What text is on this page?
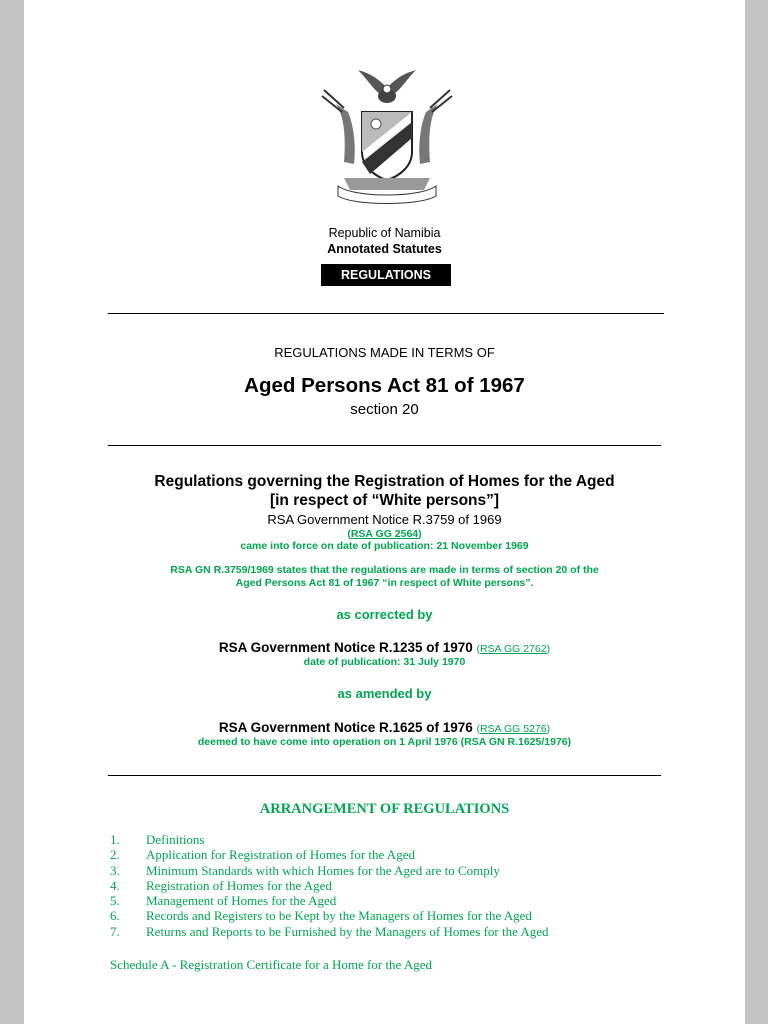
Republic of Namibia
Annotated Statutes
REGULATIONS
REGULATIONS MADE IN TERMS OF
Aged Persons Act 81 of 1967
section 20
Regulations governing the Registration of Homes for the Aged
[in respect of “White persons”]
RSA Government Notice R.3759 of 1969
(RSA GG 2564)
came into force on date of publication: 21 November 1969
RSA GN R.3759/1969 states that the regulations are made in terms of section 20 of the
Aged Persons Act 81 of 1967 “in respect of White persons”.
as corrected by
RSA Government Notice R.1235 of 1970 (RSA GG 2762)
date of publication: 31 July 1970
as amended by
RSA Government Notice R.1625 of 1976 (RSA GG 5276)
deemed to have come into operation on 1 April 1976 (RSA GN R.1625/1976)
ARRANGEMENT OF REGULATIONS
1. Definitions
2. Application for Registration of Homes for the Aged
3. Minimum Standards with which Homes for the Aged are to Comply
4. Registration of Homes for the Aged
5. Management of Homes for the Aged
6. Records and Registers to be Kept by the Managers of Homes for the Aged
7. Returns and Reports to be Furnished by the Managers of Homes for the Aged
Schedule A - Registration Certificate for a Home for the Aged
